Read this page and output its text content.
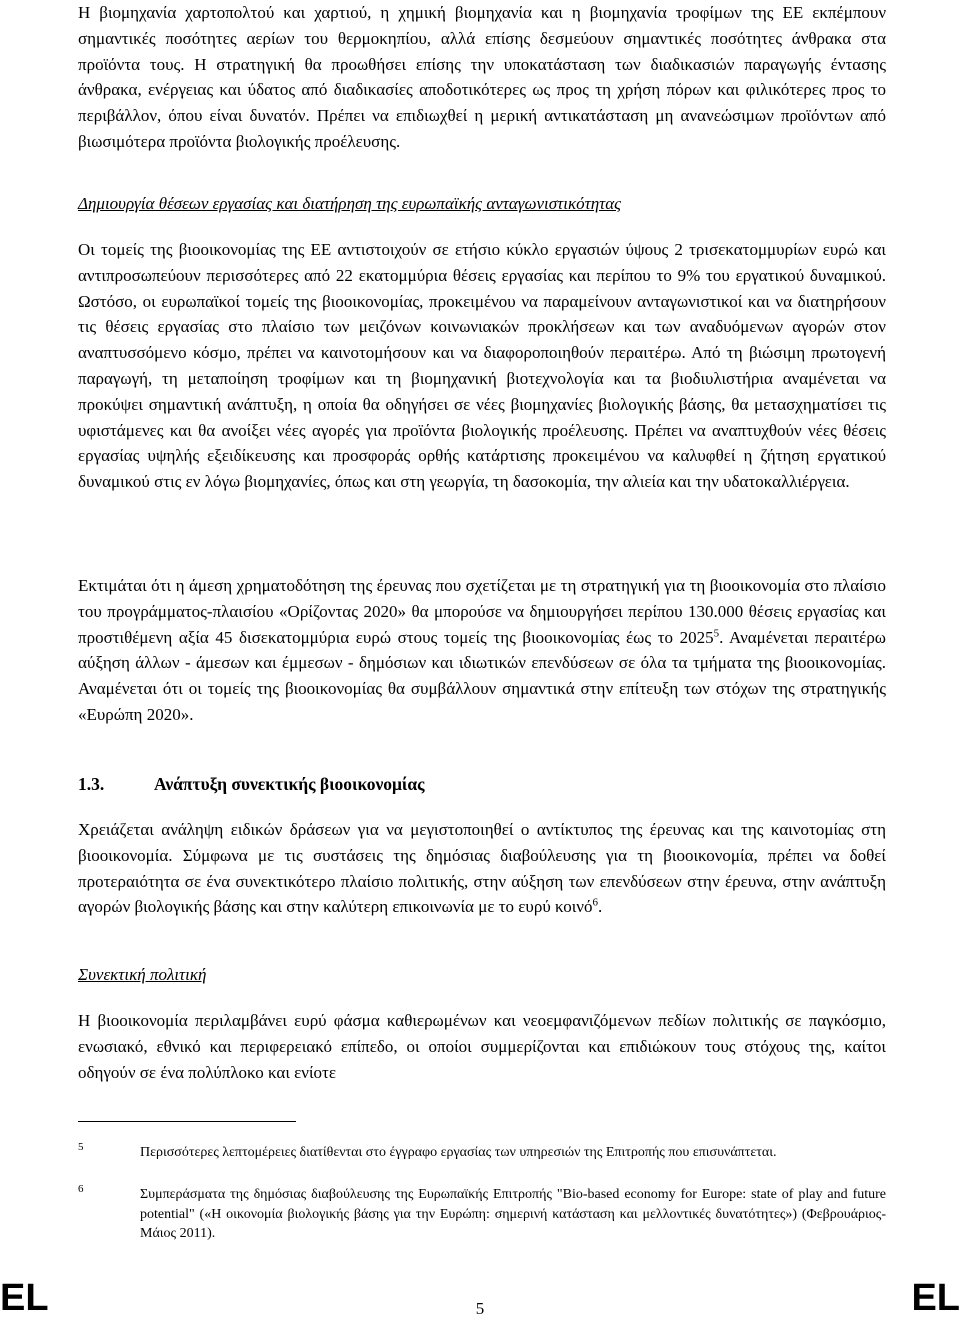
Η βιομηχανία χαρτοπολτού και χαρτιού, η χημική βιομηχανία και η βιομηχανία τροφίμων της ΕΕ εκπέμπουν σημαντικές ποσότητες αερίων του θερμοκηπίου, αλλά επίσης δεσμεύουν σημαντικές ποσότητες άνθρακα στα προϊόντα τους. Η στρατηγική θα προωθήσει επίσης την υποκατάσταση των διαδικασιών παραγωγής έντασης άνθρακα, ενέργειας και ύδατος από διαδικασίες αποδοτικότερες ως προς τη χρήση πόρων και φιλικότερες προς το περιβάλλον, όπου είναι δυνατόν. Πρέπει να επιδιωχθεί η μερική αντικατάσταση μη ανανεώσιμων προϊόντων από βιωσιμότερα προϊόντα βιολογικής προέλευσης.

Δημιουργία θέσεων εργασίας και διατήρηση της ευρωπαϊκής ανταγωνιστικότητας

Οι τομείς της βιοοικονομίας της ΕΕ αντιστοιχούν σε ετήσιο κύκλο εργασιών ύψους 2 τρισεκατομμυρίων ευρώ και αντιπροσωπεύουν περισσότερες από 22 εκατομμύρια θέσεις εργασίας και περίπου το 9% του εργατικού δυναμικού. Ωστόσο, οι ευρωπαϊκοί τομείς της βιοοικονομίας, προκειμένου να παραμείνουν ανταγωνιστικοί και να διατηρήσουν τις θέσεις εργασίας στο πλαίσιο των μειζόνων κοινωνιακών προκλήσεων και των αναδυόμενων αγορών στον αναπτυσσόμενο κόσμο, πρέπει να καινοτομήσουν και να διαφοροποιηθούν περαιτέρω. Από τη βιώσιμη πρωτογενή παραγωγή, τη μεταποίηση τροφίμων και τη βιομηχανική βιοτεχνολογία και τα βιοδιυλιστήρια αναμένεται να προκύψει σημαντική ανάπτυξη, η οποία θα οδηγήσει σε νέες βιομηχανίες βιολογικής βάσης, θα μετασχηματίσει τις υφιστάμενες και θα ανοίξει νέες αγορές για προϊόντα βιολογικής προέλευσης. Πρέπει να αναπτυχθούν νέες θέσεις εργασίας υψηλής εξειδίκευσης και προσφοράς ορθής κατάρτισης προκειμένου να καλυφθεί η ζήτηση εργατικού δυναμικού στις εν λόγω βιομηχανίες, όπως και στη γεωργία, τη δασοκομία, την αλιεία και την υδατοκαλλιέργεια.

Εκτιμάται ότι η άμεση χρηματοδότηση της έρευνας που σχετίζεται με τη στρατηγική για τη βιοοικονομία στο πλαίσιο του προγράμματος-πλαισίου «Ορίζοντας 2020» θα μπορούσε να δημιουργήσει περίπου 130.000 θέσεις εργασίας και προστιθέμενη αξία 45 δισεκατομμύρια ευρώ στους τομείς της βιοοικονομίας έως το 2025$^5$. Αναμένεται περαιτέρω αύξηση άλλων - άμεσων και έμμεσων - δημόσιων και ιδιωτικών επενδύσεων σε όλα τα τμήματα της βιοοικονομίας. Αναμένεται ότι οι τομείς της βιοοικονομίας θα συμβάλλουν σημαντικά στην επίτευξη των στόχων της στρατηγικής «Ευρώπη 2020».

1.3.	Ανάπτυξη συνεκτικής βιοοικονομίας

Χρειάζεται ανάληψη ειδικών δράσεων για να μεγιστοποιηθεί ο αντίκτυπος της έρευνας και της καινοτομίας στη βιοοικονομία. Σύμφωνα με τις συστάσεις της δημόσιας διαβούλευσης για τη βιοοικονομία, πρέπει να δοθεί προτεραιότητα σε ένα συνεκτικότερο πλαίσιο πολιτικής, στην αύξηση των επενδύσεων στην έρευνα, στην ανάπτυξη αγορών βιολογικής βάσης και στην καλύτερη επικοινωνία με το ευρύ κοινό$^6$.

Συνεκτική πολιτική

Η βιοοικονομία περιλαμβάνει ευρύ φάσμα καθιερωμένων και νεοεμφανιζόμενων πεδίων πολιτικής σε παγκόσμιο, ενωσιακό, εθνικό και περιφερειακό επίπεδο, οι οποίοι συμμερίζονται και επιδιώκουν τους στόχους της, καίτοι οδηγούν σε ένα πολύπλοκο και ενίοτε

5	Περισσότερες λεπτομέρειες διατίθενται στο έγγραφο εργασίας των υπηρεσιών της Επιτροπής που επισυνάπτεται.

6	Συμπεράσματα της δημόσιας διαβούλευσης της Ευρωπαϊκής Επιτροπής "Bio-based economy for Europe: state of play and future potential" («Η οικονομία βιολογικής βάσης για την Ευρώπη: σημερινή κατάσταση και μελλοντικές δυνατότητες») (Φεβρουάριος-Μάιος 2011).

EL	5	EL
